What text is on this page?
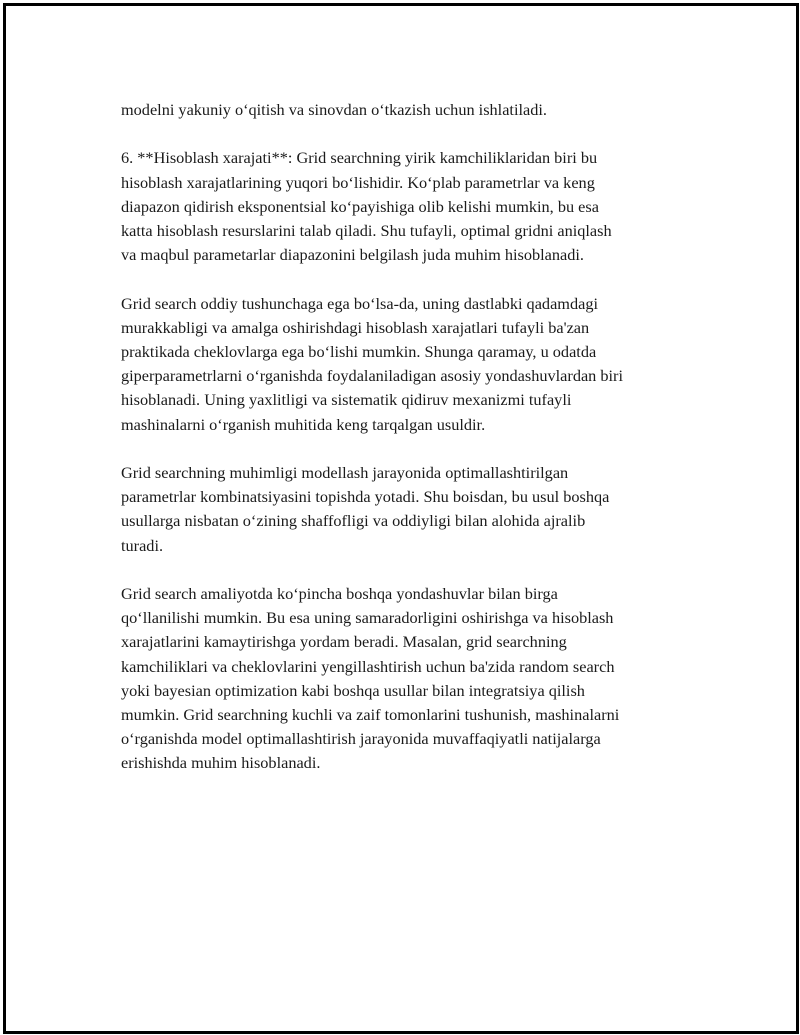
modelni yakuniy o‘qitish va sinovdan o‘tkazish uchun ishlatiladi.

6. **Hisoblash xarajati**: Grid searchning yirik kamchiliklaridan biri bu
hisoblash xarajatlarining yuqori bo‘lishidir. Ko‘plab parametrlar va keng
diapazon qidirish eksponentsial ko‘payishiga olib kelishi mumkin, bu esa
katta hisoblash resurslarini talab qiladi. Shu tufayli, optimal gridni aniqlash
va maqbul parametarlar diapazonini belgilash juda muhim hisoblanadi.

Grid search oddiy tushunchaga ega bo‘lsa-da, uning dastlabki qadamdagi
murakkabligi va amalga oshirishdagi hisoblash xarajatlari tufayli ba'zan
praktikada cheklovlarga ega bo‘lishi mumkin. Shunga qaramay, u odatda
giperparametrlarni o‘rganishda foydalaniladigan asosiy yondashuvlardan biri
hisoblanadi. Uning yaxlitligi va sistematik qidiruv mexanizmi tufayli
mashinalarni o‘rganish muhitida keng tarqalgan usuldir.

Grid searchning muhimligi modellash jarayonida optimallashtirilgan
parametrlar kombinatsiyasini topishda yotadi. Shu boisdan, bu usul boshqa
usullarga nisbatan o‘zining shaffofligi va oddiyligi bilan alohida ajralib
turadi.

Grid search amaliyotda ko‘pincha boshqa yondashuvlar bilan birga
qo‘llanilishi mumkin. Bu esa uning samaradorligini oshirishga va hisoblash
xarajatlarini kamaytirishga yordam beradi. Masalan, grid searchning
kamchiliklari va cheklovlarini yengillashtirish uchun ba'zida random search
yoki bayesian optimization kabi boshqa usullar bilan integratsiya qilish
mumkin. Grid searchning kuchli va zaif tomonlarini tushunish, mashinalarni
o‘rganishda model optimallashtirish jarayonida muvaffaqiyatli natijalarga
erishishda muhim hisoblanadi.
